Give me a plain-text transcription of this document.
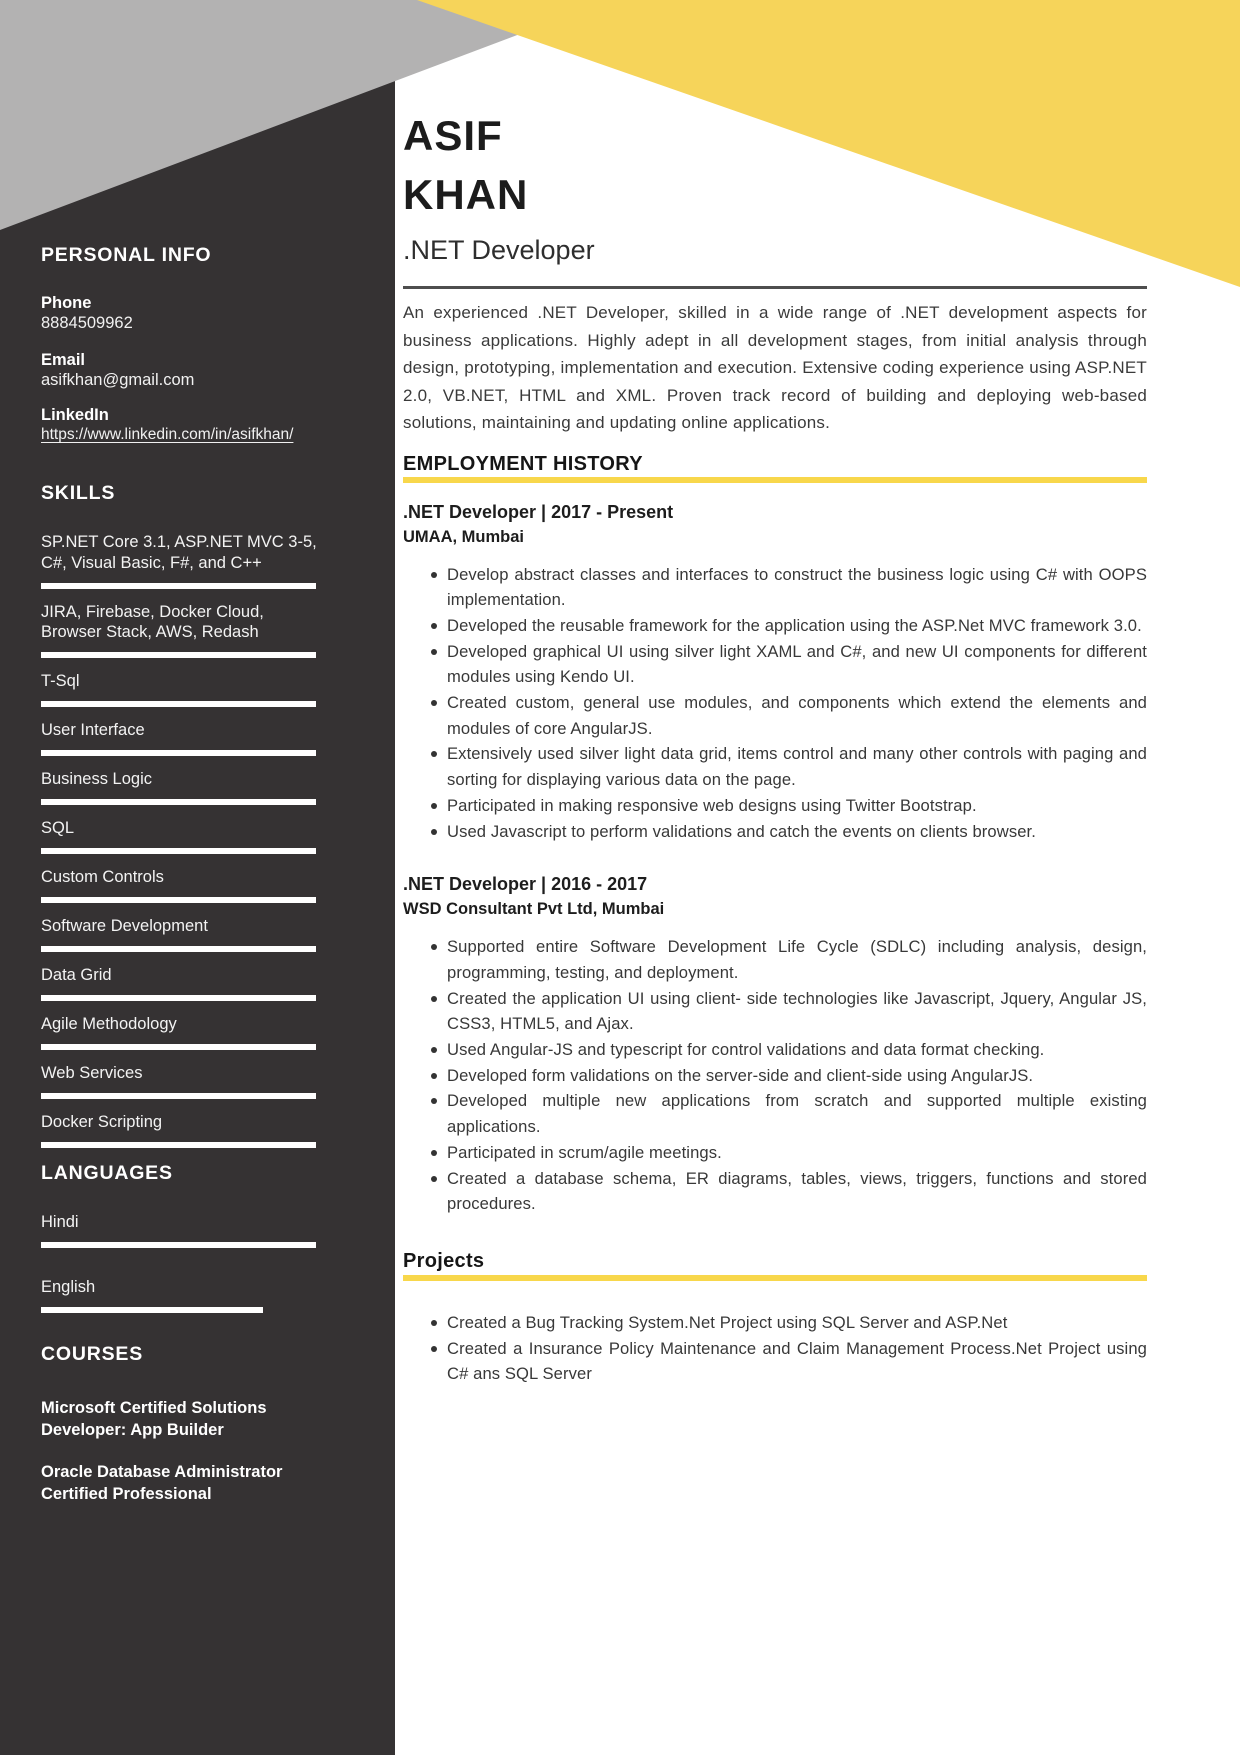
PERSONAL INFO
Phone
8884509962
Email
asifkhan@gmail.com
LinkedIn
https://www.linkedin.com/in/asifkhan/
SKILLS
SP.NET Core 3.1, ASP.NET MVC 3-5, C#, Visual Basic, F#, and C++
JIRA, Firebase, Docker Cloud, Browser Stack, AWS, Redash
T-Sql
User Interface
Business Logic
SQL
Custom Controls
Software Development
Data Grid
Agile Methodology
Web Services
Docker Scripting
LANGUAGES
Hindi
English
COURSES
Microsoft Certified Solutions Developer: App Builder
Oracle Database Administrator Certified Professional
ASIF
KHAN
.NET Developer

An experienced .NET Developer, skilled in a wide range of .NET development aspects for business applications. Highly adept in all development stages, from initial analysis through design, prototyping, implementation and execution. Extensive coding experience using ASP.NET 2.0, VB.NET, HTML and XML. Proven track record of building and deploying web-based solutions, maintaining and updating online applications.

EMPLOYMENT HISTORY
.NET Developer | 2017 - Present
UMAA, Mumbai
Develop abstract classes and interfaces to construct the business logic using C# with OOPS implementation.
Developed the reusable framework for the application using the ASP.Net MVC framework 3.0.
Developed graphical UI using silver light XAML and C#, and new UI components for different modules using Kendo UI.
Created custom, general use modules, and components which extend the elements and modules of core AngularJS.
Extensively used silver light data grid, items control and many other controls with paging and sorting for displaying various data on the page.
Participated in making responsive web designs using Twitter Bootstrap.
Used Javascript to perform validations and catch the events on clients browser.
.NET Developer | 2016 - 2017
WSD Consultant Pvt Ltd, Mumbai
Supported entire Software Development Life Cycle (SDLC) including analysis, design, programming, testing, and deployment.
Created the application UI using client- side technologies like Javascript, Jquery, Angular JS, CSS3, HTML5, and Ajax.
Used Angular-JS and typescript for control validations and data format checking.
Developed form validations on the server-side and client-side using AngularJS.
Developed multiple new applications from scratch and supported multiple existing applications.
Participated in scrum/agile meetings.
Created a database schema, ER diagrams, tables, views, triggers, functions and stored procedures.
Projects
Created a Bug Tracking System.Net Project using SQL Server and ASP.Net
Created a Insurance Policy Maintenance and Claim Management Process.Net Project using C# ans SQL Server
